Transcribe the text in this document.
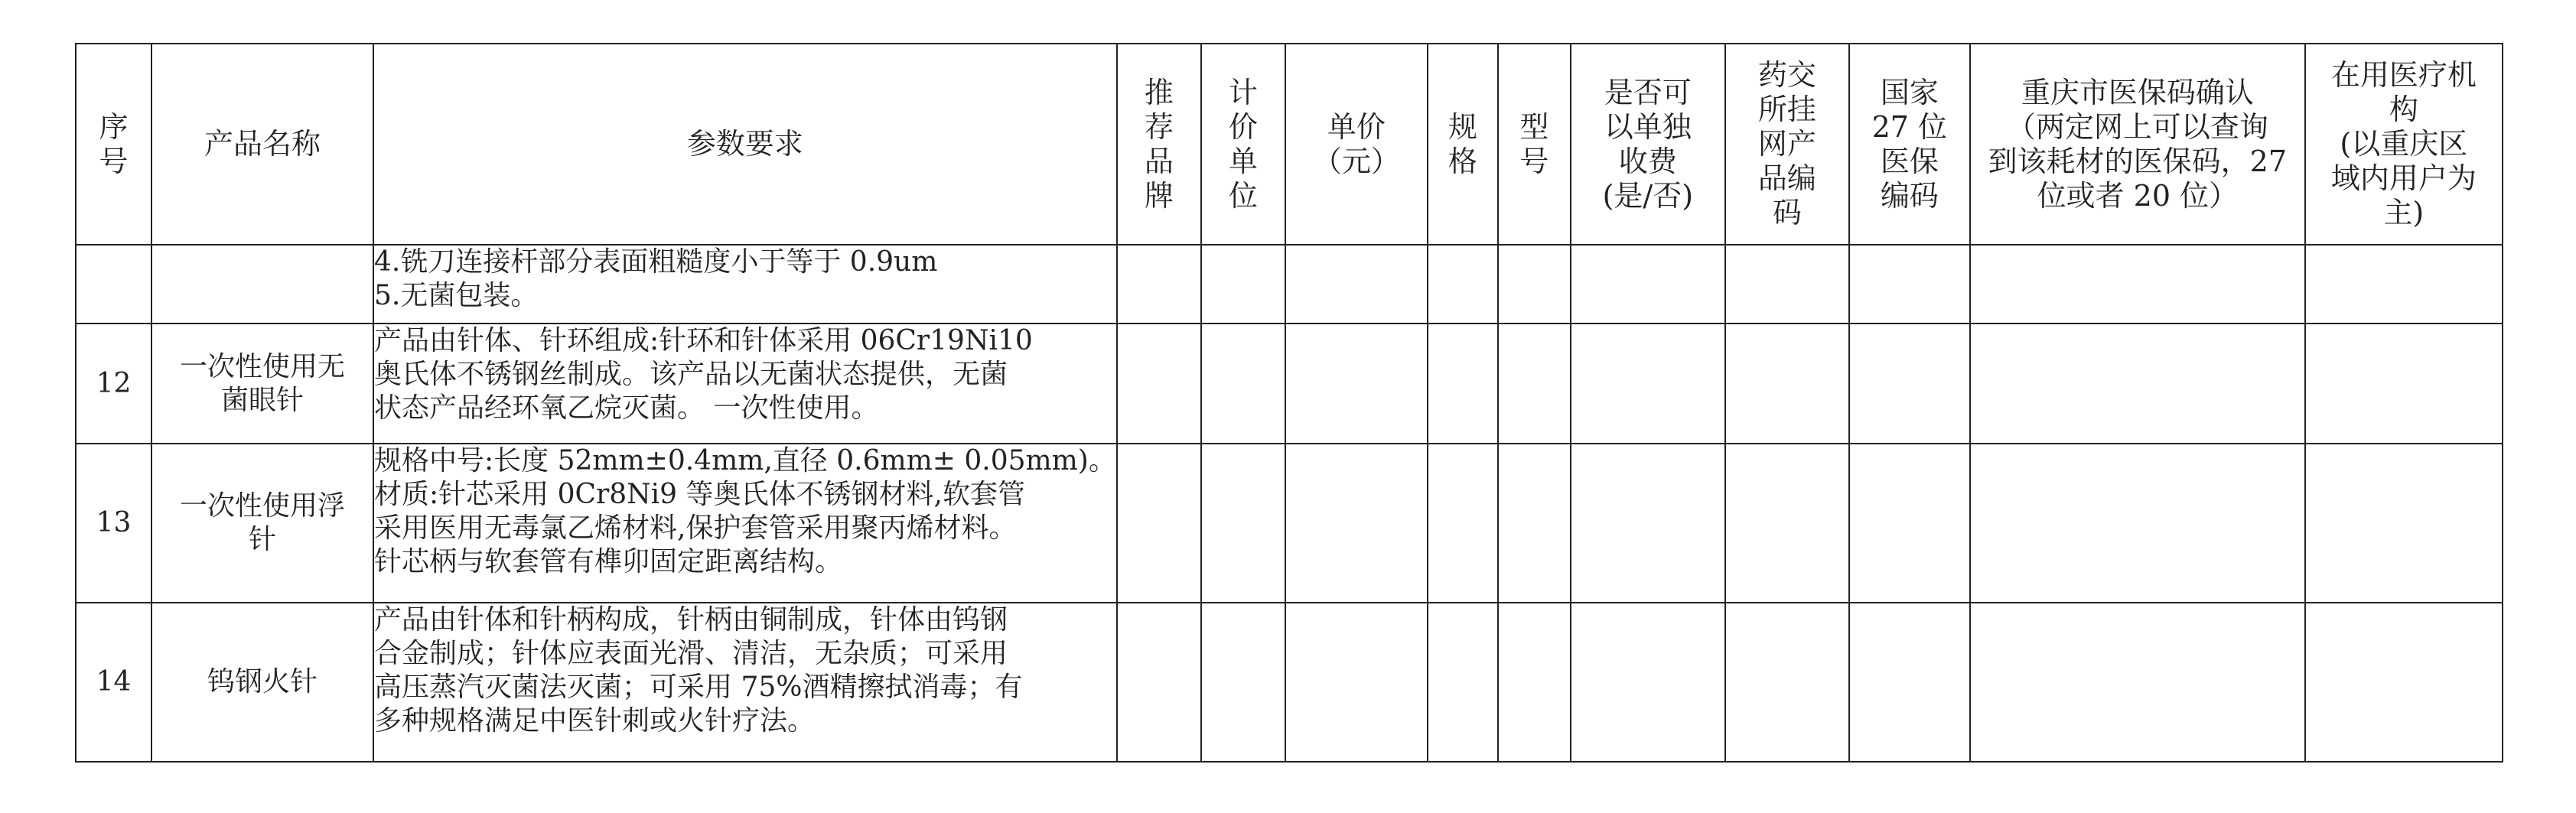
序
号	产品名称	参数要求	推
荐
品
牌	计
价
单
位	单价
（元）	规
格	型
号	是否可
以单独
收费
(是/否)	药交
所挂
网产
品编
码	国家
27 位
医保
编码	重庆市医保码确认
（两定网上可以查询
到该耗材的医保码，27
位或者 20 位）	在用医疗机
构
(以重庆区
域内用户为
主)

		4.铣刀连接杆部分表面粗糙度小于等于 0.9um
5.无菌包装。										

12	一次性使用无
菌眼针	产品由针体、针环组成:针环和针体采用 06Cr19Ni10
奥氏体不锈钢丝制成。该产品以无菌状态提供，无菌
状态产品经环氧乙烷灭菌。 一次性使用。										

13	一次性使用浮
针	规格中号:长度 52mm±0.4mm,直径 0.6mm± 0.05mm)。
材质:针芯采用 0Cr8Ni9 等奥氏体不锈钢材料,软套管
采用医用无毒氯乙烯材料,保护套管采用聚丙烯材料。
针芯柄与软套管有榫卯固定距离结构。										

14	钨钢火针	产品由针体和针柄构成，针柄由铜制成，针体由钨钢
合金制成；针体应表面光滑、清洁，无杂质；可采用
高压蒸汽灭菌法灭菌；可采用 75%酒精擦拭消毒；有
多种规格满足中医针刺或火针疗法。										
